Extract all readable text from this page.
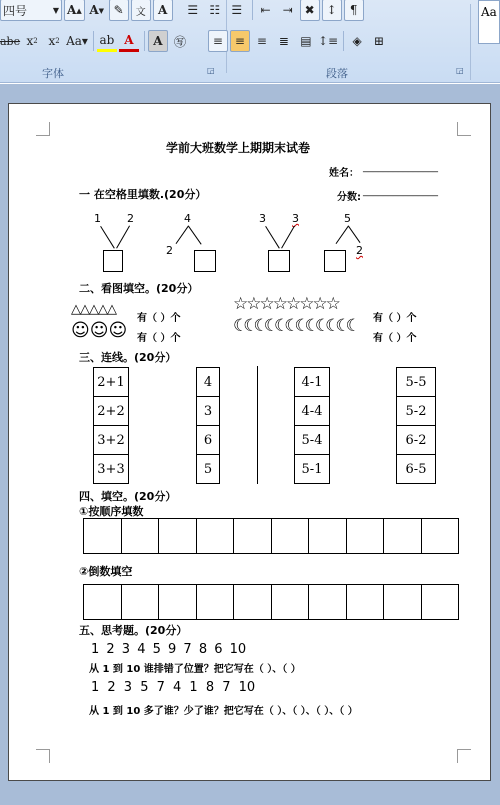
四号	▼ A ▲ A ▼ ✎	文	A	☰ ☷ ☰	⇤ ⇥ ✖ ↕	¶
abe x 2 x 2 Aa▾ ab A	A ㊢	≡ ≡ ≡ ≣ ▤ ↕≡	◈	⊞
字体	◲	段落	◲
Aa
学前大班数学上期期末试卷
姓名：
_______________
一 在空格里填数.(20分）	分数:
_______________
1 2	4
2
3 3	5
2
二、看图填空。(20分）
△△△△△
有（ ）个
☆☆☆☆☆☆☆☆
有（ ）个
☺☺☺ 有（ ）个
☾☾☾☾☾☾☾☾☾☾☾☾
有（ ）个
三、连线。(20分）
2+1
2+2
3+2
3+3
4
3
6
5
4-1
4-4
5-4
5-1
5-5
5-2
6-2
6-5
四、填空。(20分）
①按顺序填数
②倒数填空
五、思考题。(20分）
1 2 3 4 5 9 7 8 6 10
从 1 到 10 谁排错了位置？把它写在（ ）、（ ）
1 2 3 5 7 4 1 8 7 10
从 1 到 10 多了谁？少了谁？把它写在（ ）、（ ）、（ ）、（ ）
